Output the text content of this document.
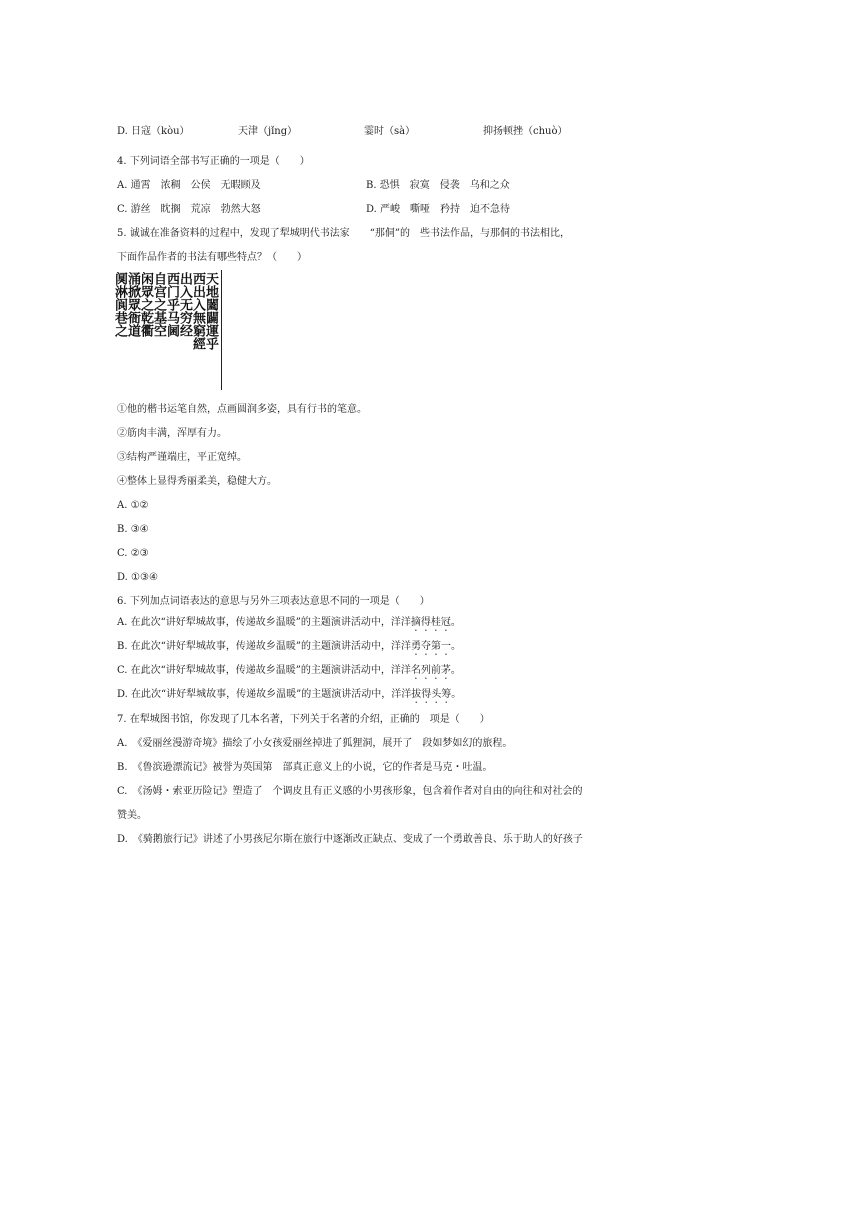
D. 日寇（kòu）	天津（jǐng）	霎时（sà）	抑扬顿挫（chuò）
4. 下列词语全部书写正确的一项是（　　）
A. 通霄　浓稠　公侯　无暇顾及	B. 恐惧　寂寞　侵袭　乌和之众
C. 游丝　眈搁　荒凉　勃然大怒	D. 严峻　嘶哑　矜持　迫不急待
5. 诚诚在准备资料的过程中，发现了犁城明代书法家　　“那侗”的　些书法作品，与那侗的书法相比，
下面作品作者的书法有哪些特点？（　　）
天地闔闢運乎
西出入無窮經
出入无穷经
西门乎马阃
自宫之基空
闲眾之乾衢
涌掀眾衙道
阒淋阆巷之
①他的楷书运笔自然，点画圆润多姿，具有行书的笔意。
②筋肉丰满，浑厚有力。
③结构严谨端庄，平正宽绰。
④整体上显得秀丽柔美，稳健大方。
A. ①②
B. ③④
C. ②③
D. ①③④
6. 下列加点词语表达的意思与另外三项表达意思不同的一项是（　　）
A. 在此次“讲好犁城故事，传递故乡温暖”的主题演讲活动中，洋洋摘得桂冠。
B. 在此次“讲好犁城故事，传递故乡温暖”的主题演讲活动中，洋洋勇夺第一。
C. 在此次“讲好犁城故事，传递故乡温暖”的主题演讲活动中，洋洋名列前茅。
D. 在此次“讲好犁城故事，传递故乡温暖”的主题演讲活动中，洋洋拔得头筹。
7. 在犁城图书馆，你发现了几本名著，下列关于名著的介绍，正确的　项是（　　）
A.　《爱丽丝漫游奇境》描绘了小女孩爱丽丝掉进了狐狸洞，展开了　段如梦如幻的旅程。
B.　《鲁滨逊漂流记》被誉为英国第　部真正意义上的小说，它的作者是马克・吐温。
C.　《汤姆・索亚历险记》塑造了　个调皮且有正义感的小男孩形象，包含着作者对自由的向往和对社会的
赞美。
D.　《骑鹅旅行记》讲述了小男孩尼尔斯在旅行中逐渐改正缺点、变成了一个勇敢善良、乐于助人的好孩子
